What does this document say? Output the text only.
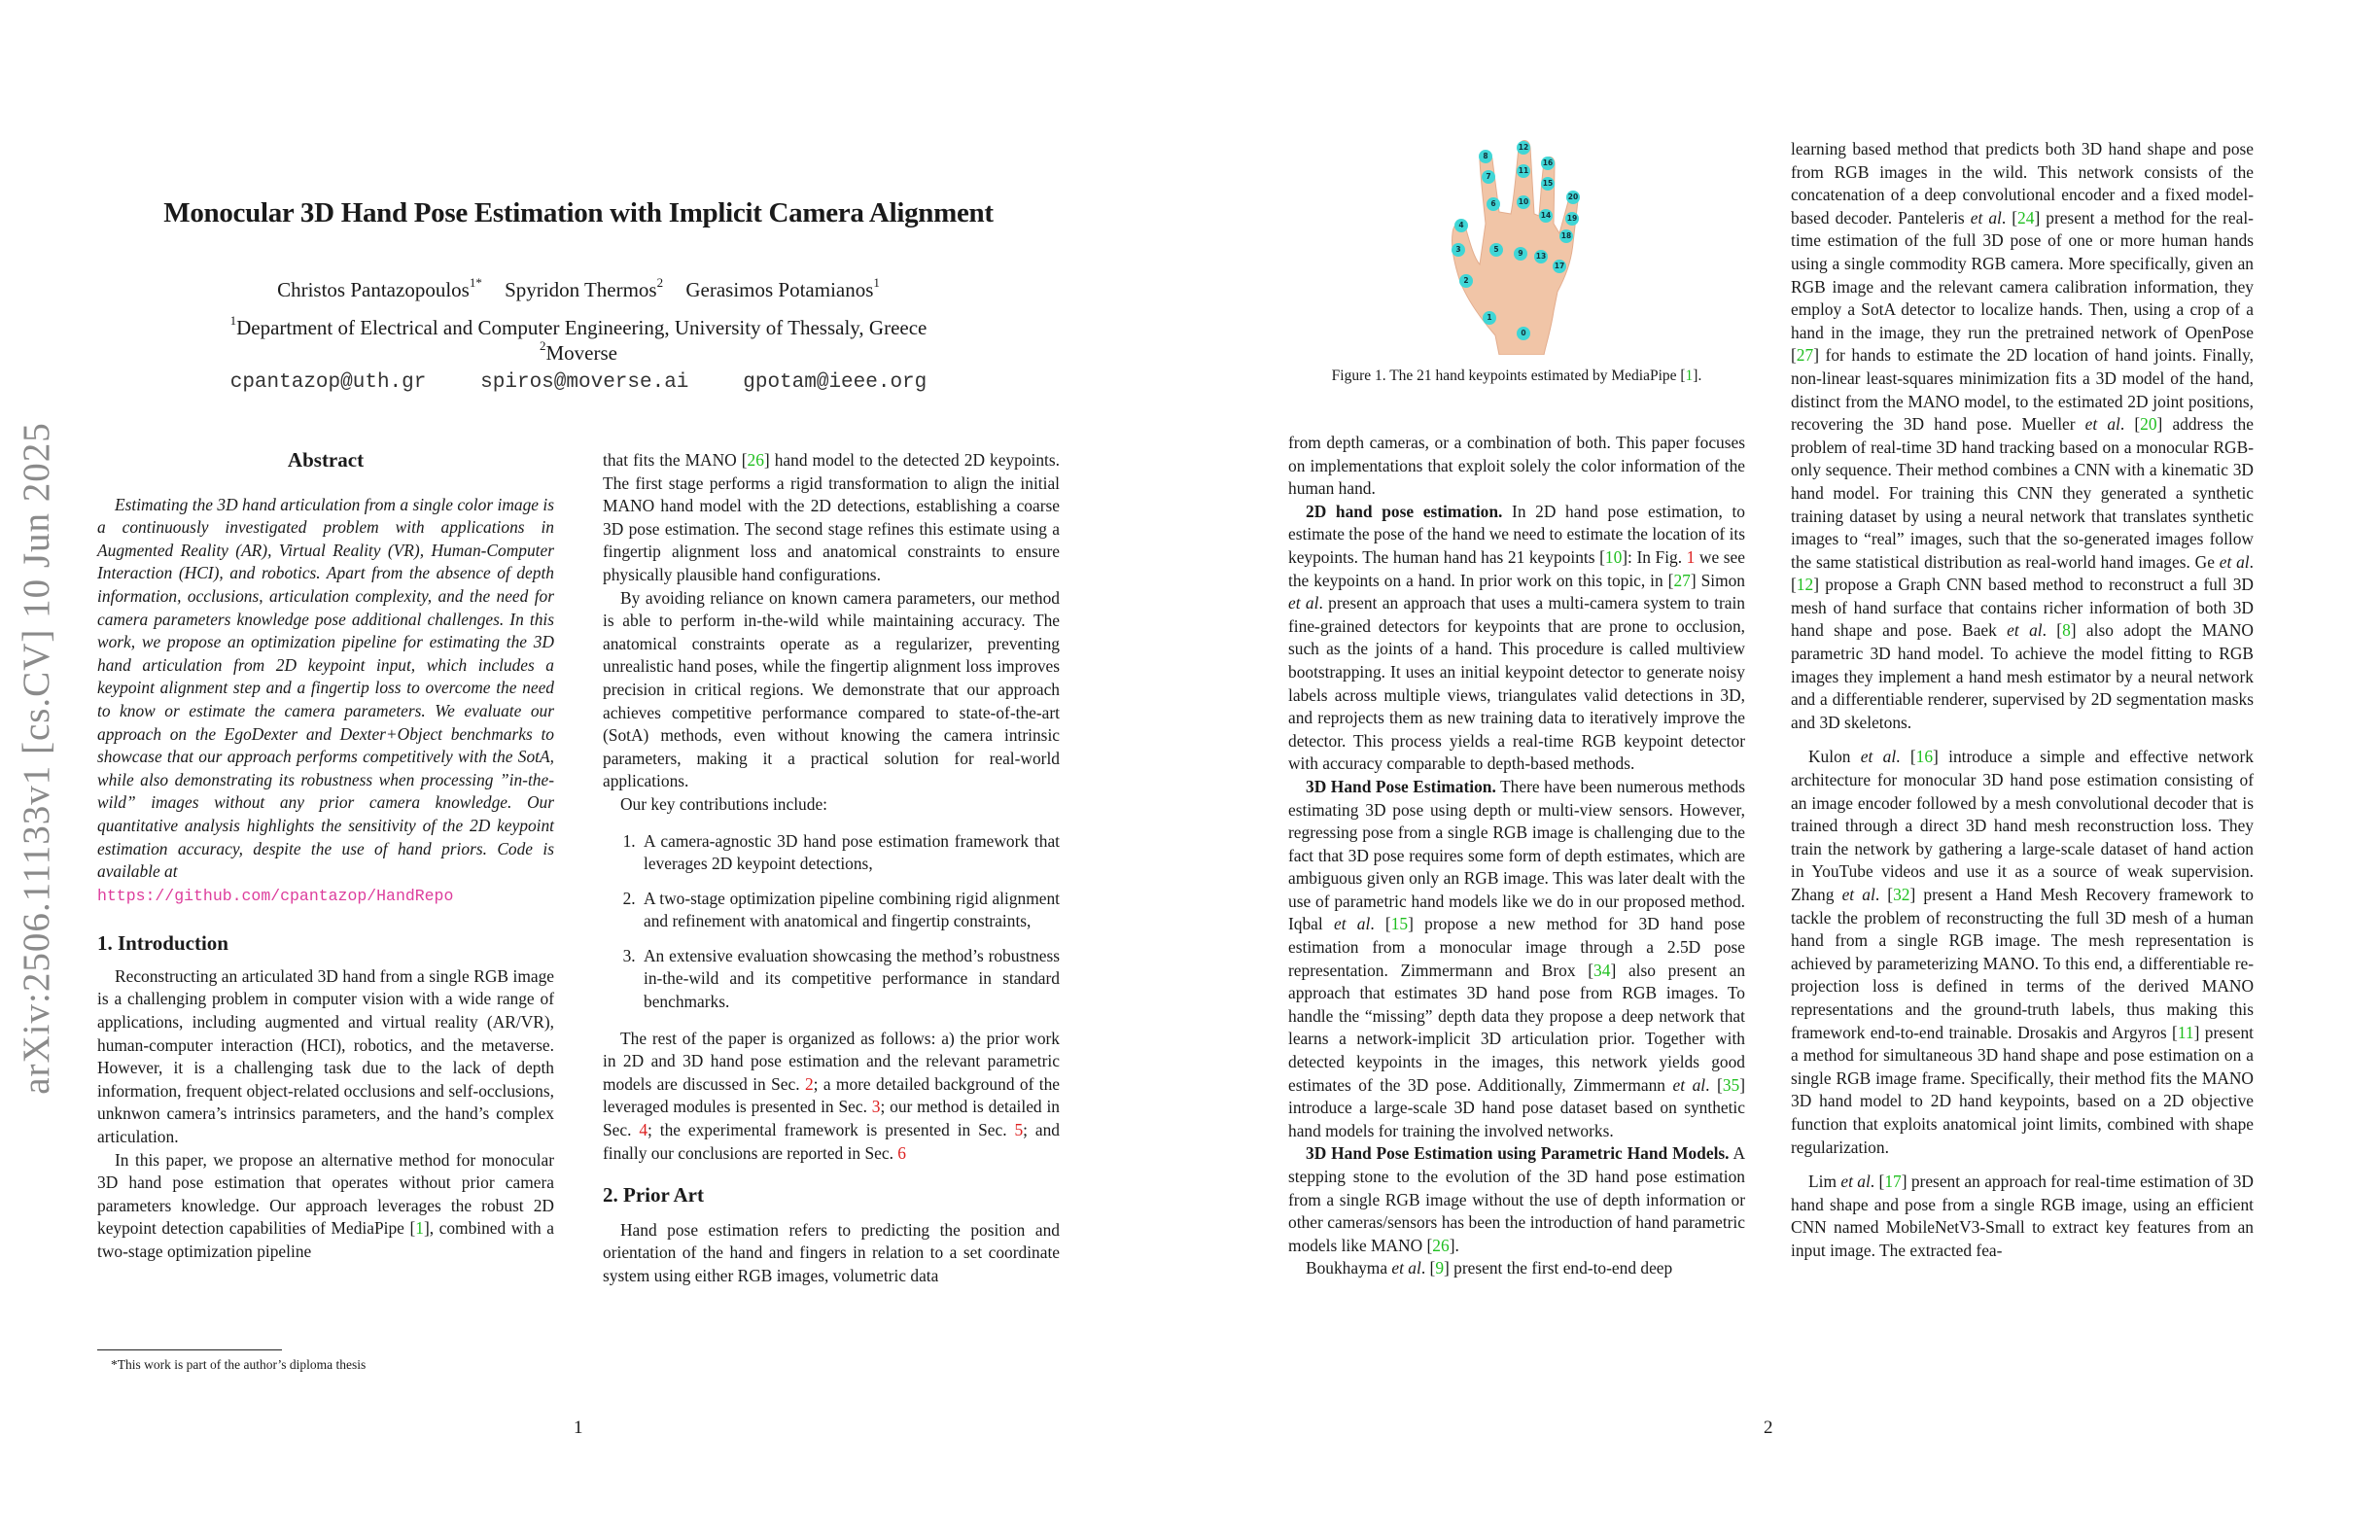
arXiv:2506.11133v1 [cs.CV] 10 Jun 2025
Monocular 3D Hand Pose Estimation with Implicit Camera Alignment
Christos Pantazopoulos$^{1*}$ Spyridon Thermos$^2$ Gerasimos Potamianos$^1$
$^1$Department of Electrical and Computer Engineering, University of Thessaly, Greece
$^2$Moverse
cpantazop@uth.gr	spiros@moverse.ai	gpotam@ieee.org
Abstract

Estimating the 3D hand articulation from a single color image is a continuously investigated problem with applications in Augmented Reality (AR), Virtual Reality (VR), Human-Computer Interaction (HCI), and robotics. Apart from the absence of depth information, occlusions, articulation complexity, and the need for camera parameters knowledge pose additional challenges. In this work, we propose an optimization pipeline for estimating the 3D hand articulation from 2D keypoint input, which includes a keypoint alignment step and a fingertip loss to overcome the need to know or estimate the camera parameters. We evaluate our approach on the EgoDexter and Dexter+Object benchmarks to showcase that our approach performs competitively with the SotA, while also demonstrating its robustness when processing ”in-the-wild” images without any prior camera knowledge. Our quantitative analysis highlights the sensitivity of the 2D keypoint estimation accuracy, despite the use of hand priors. Code is available at
https://github.com/cpantazop/HandRepo

1. Introduction

Reconstructing an articulated 3D hand from a single RGB image is a challenging problem in computer vision with a wide range of applications, including augmented and virtual reality (AR/VR), human-computer interaction (HCI), robotics, and the metaverse. However, it is a challenging task due to the lack of depth information, frequent object-related occlusions and self-occlusions, unknwon camera’s intrinsics parameters, and the hand’s complex articulation.

In this paper, we propose an alternative method for monocular 3D hand pose estimation that operates without prior camera parameters knowledge. Our approach leverages the robust 2D keypoint detection capabilities of MediaPipe [1], combined with a two-stage optimization pipeline

*This work is part of the author’s diploma thesis

that fits the MANO [26] hand model to the detected 2D keypoints. The first stage performs a rigid transformation to align the initial MANO hand model with the 2D detections, establishing a coarse 3D pose estimation. The second stage refines this estimate using a fingertip alignment loss and anatomical constraints to ensure physically plausible hand configurations.

By avoiding reliance on known camera parameters, our method is able to perform in-the-wild while maintaining accuracy. The anatomical constraints operate as a regularizer, preventing unrealistic hand poses, while the fingertip alignment loss improves precision in critical regions. We demonstrate that our approach achieves competitive performance compared to state-of-the-art (SotA) methods, even without knowing the camera intrinsic parameters, making it a practical solution for real-world applications.

Our key contributions include:

1. A camera-agnostic 3D hand pose estimation framework that leverages 2D keypoint detections,
2. A two-stage optimization pipeline combining rigid alignment and refinement with anatomical and fingertip constraints,
3. An extensive evaluation showcasing the method’s robustness in-the-wild and its competitive performance in standard benchmarks.

The rest of the paper is organized as follows: a) the prior work in 2D and 3D hand pose estimation and the relevant parametric models are discussed in Sec. 2; a more detailed background of the leveraged modules is presented in Sec. 3; our method is detailed in Sec. 4; the experimental framework is presented in Sec. 5; and finally our conclusions are reported in Sec. 6

2. Prior Art

Hand pose estimation refers to predicting the position and orientation of the hand and fingers in relation to a set coordinate system using either RGB images, volumetric data

1
0
1
2
3
4
5
6
7
8
9
10
11
12
13
14
15
16
17
18
19
20
Figure 1. The 21 hand keypoints estimated by MediaPipe [1].

from depth cameras, or a combination of both. This paper focuses on implementations that exploit solely the color information of the human hand.

2D hand pose estimation. In 2D hand pose estimation, to estimate the pose of the hand we need to estimate the location of its keypoints. The human hand has 21 keypoints [10]: In Fig. 1 we see the keypoints on a hand. In prior work on this topic, in [27] Simon et al. present an approach that uses a multi-camera system to train fine-grained detectors for keypoints that are prone to occlusion, such as the joints of a hand. This procedure is called multiview bootstrapping. It uses an initial keypoint detector to generate noisy labels across multiple views, triangulates valid detections in 3D, and reprojects them as new training data to iteratively improve the detector. This process yields a real-time RGB keypoint detector with accuracy comparable to depth-based methods.

3D Hand Pose Estimation. There have been numerous methods estimating 3D pose using depth or multi-view sensors. However, regressing pose from a single RGB image is challenging due to the fact that 3D pose requires some form of depth estimates, which are ambiguous given only an RGB image. This was later dealt with the use of parametric hand models like we do in our proposed method. Iqbal et al. [15] propose a new method for 3D hand pose estimation from a monocular image through a 2.5D pose representation. Zimmermann and Brox [34] also present an approach that estimates 3D hand pose from RGB images. To handle the “missing” depth data they propose a deep network that learns a network-implicit 3D articulation prior. Together with detected keypoints in the images, this network yields good estimates of the 3D pose. Additionally, Zimmermann et al. [35] introduce a large-scale 3D hand pose dataset based on synthetic hand models for training the involved networks.

3D Hand Pose Estimation using Parametric Hand Models. A stepping stone to the evolution of the 3D hand pose estimation from a single RGB image without the use of depth information or other cameras/sensors has been the introduction of hand parametric models like MANO [26].

Boukhayma et al. [9] present the first end-to-end deep

learning based method that predicts both 3D hand shape and pose from RGB images in the wild. This network consists of the concatenation of a deep convolutional encoder and a fixed model-based decoder. Panteleris et al. [24] present a method for the real-time estimation of the full 3D pose of one or more human hands using a single commodity RGB camera. More specifically, given an RGB image and the relevant camera calibration information, they employ a SotA detector to localize hands. Then, using a crop of a hand in the image, they run the pretrained network of OpenPose [27] for hands to estimate the 2D location of hand joints. Finally, non-linear least-squares minimization fits a 3D model of the hand, distinct from the MANO model, to the estimated 2D joint positions, recovering the 3D hand pose. Mueller et al. [20] address the problem of real-time 3D hand tracking based on a monocular RGB-only sequence. Their method combines a CNN with a kinematic 3D hand model. For training this CNN they generated a synthetic training dataset by using a neural network that translates synthetic images to “real” images, such that the so-generated images follow the same statistical distribution as real-world hand images. Ge et al. [12] propose a Graph CNN based method to reconstruct a full 3D mesh of hand surface that contains richer information of both 3D hand shape and pose. Baek et al. [8] also adopt the MANO parametric 3D hand model. To achieve the model fitting to RGB images they implement a hand mesh estimator by a neural network and a differentiable renderer, supervised by 2D segmentation masks and 3D skeletons.

Kulon et al. [16] introduce a simple and effective network architecture for monocular 3D hand pose estimation consisting of an image encoder followed by a mesh convolutional decoder that is trained through a direct 3D hand mesh reconstruction loss. They train the network by gathering a large-scale dataset of hand action in YouTube videos and use it as a source of weak supervision. Zhang et al. [32] present a Hand Mesh Recovery framework to tackle the problem of reconstructing the full 3D mesh of a human hand from a single RGB image. The mesh representation is achieved by parameterizing MANO. To this end, a differentiable re-projection loss is defined in terms of the derived MANO representations and the ground-truth labels, thus making this framework end-to-end trainable. Drosakis and Argyros [11] present a method for simultaneous 3D hand shape and pose estimation on a single RGB image frame. Specifically, their method fits the MANO 3D hand model to 2D hand keypoints, based on a 2D objective function that exploits anatomical joint limits, combined with shape regularization.

Lim et al. [17] present an approach for real-time estimation of 3D hand shape and pose from a single RGB image, using an efficient CNN named MobileNetV3-Small to extract key features from an input image. The extracted fea-

2
